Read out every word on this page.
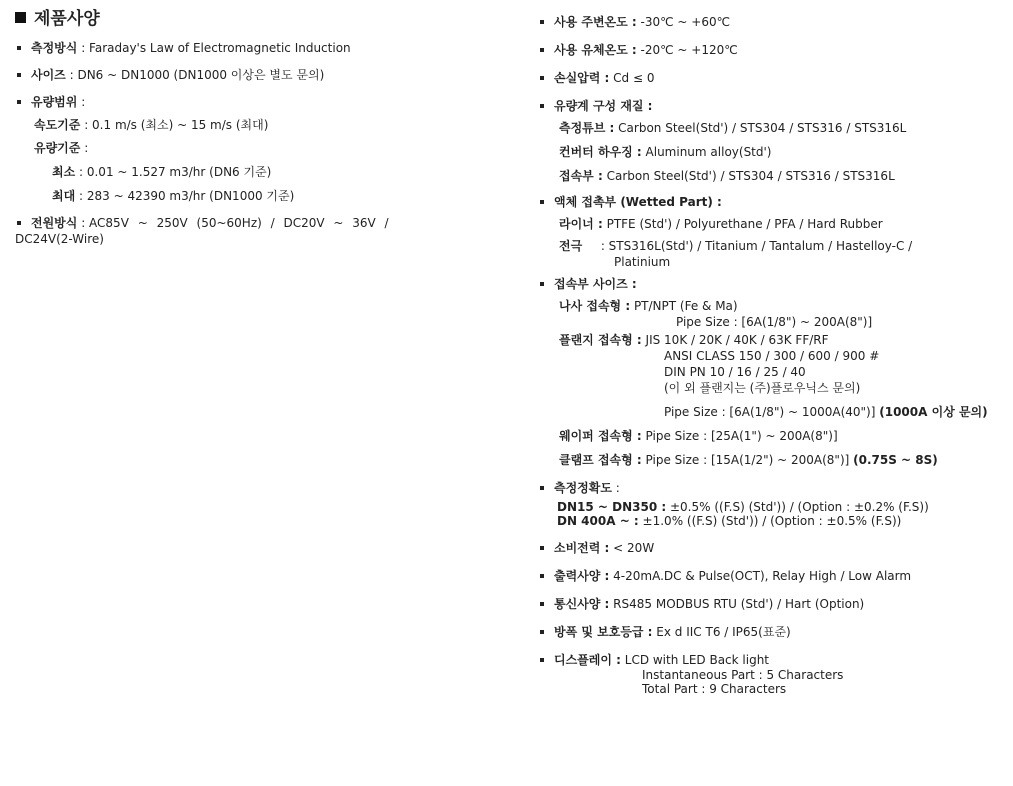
제품사양
측정방식 : Faraday's Law of Electromagnetic Induction
사이즈 : DN6 ~ DN1000 (DN1000 이상은 별도 문의)
유량범위 :
속도기준 : 0.1 m/s (최소) ~ 15 m/s (최대)
유량기준 :
최소 : 0.01 ~ 1.527 m3/hr (DN6 기준)
최대 : 283 ~ 42390 m3/hr (DN1000 기준)
전원방식 : AC85V ~ 250V (50~60Hz) / DC20V ~ 36V /
DC24V(2-Wire)
사용 주변온도 : -30℃ ~ +60℃
사용 유체온도 : -20℃ ~ +120℃
손실압력 : Cd ≤ 0
유량계 구성 재질 :
측정튜브 : Carbon Steel(Std') / STS304 / STS316 / STS316L
컨버터 하우징 : Aluminum alloy(Std')
접속부 : Carbon Steel(Std') / STS304 / STS316 / STS316L
액체 접촉부 (Wetted Part) :
라이너 : PTFE (Std') / Polyurethane / PFA / Hard Rubber
전극 : STS316L(Std') / Titanium / Tantalum / Hastelloy-C /
Platinium
접속부 사이즈 :
나사 접속형 : PT/NPT (Fe & Ma)
Pipe Size : [6A(1/8") ~ 200A(8")]
플랜지 접속형 : JIS 10K / 20K / 40K / 63K FF/RF
ANSI CLASS 150 / 300 / 600 / 900 #
DIN PN 10 / 16 / 25 / 40
(이 외 플랜지는 (주)플로우닉스 문의)
Pipe Size : [6A(1/8") ~ 1000A(40")] (1000A 이상 문의)
웨이퍼 접속형 : Pipe Size : [25A(1") ~ 200A(8")]
클램프 접속형 : Pipe Size : [15A(1/2") ~ 200A(8")] (0.75S ~ 8S)
측정정확도 :
DN15 ~ DN350 : ±0.5% ((F.S) (Std')) / (Option : ±0.2% (F.S))
DN 400A ~ : ±1.0% ((F.S) (Std')) / (Option : ±0.5% (F.S))
소비전력 : < 20W
출력사양 : 4-20mA.DC & Pulse(OCT), Relay High / Low Alarm
통신사양 : RS485 MODBUS RTU (Std') / Hart (Option)
방폭 및 보호등급 : Ex d IIC T6 / IP65(표준)
디스플레이 : LCD with LED Back light
Instantaneous Part : 5 Characters
Total Part : 9 Characters
